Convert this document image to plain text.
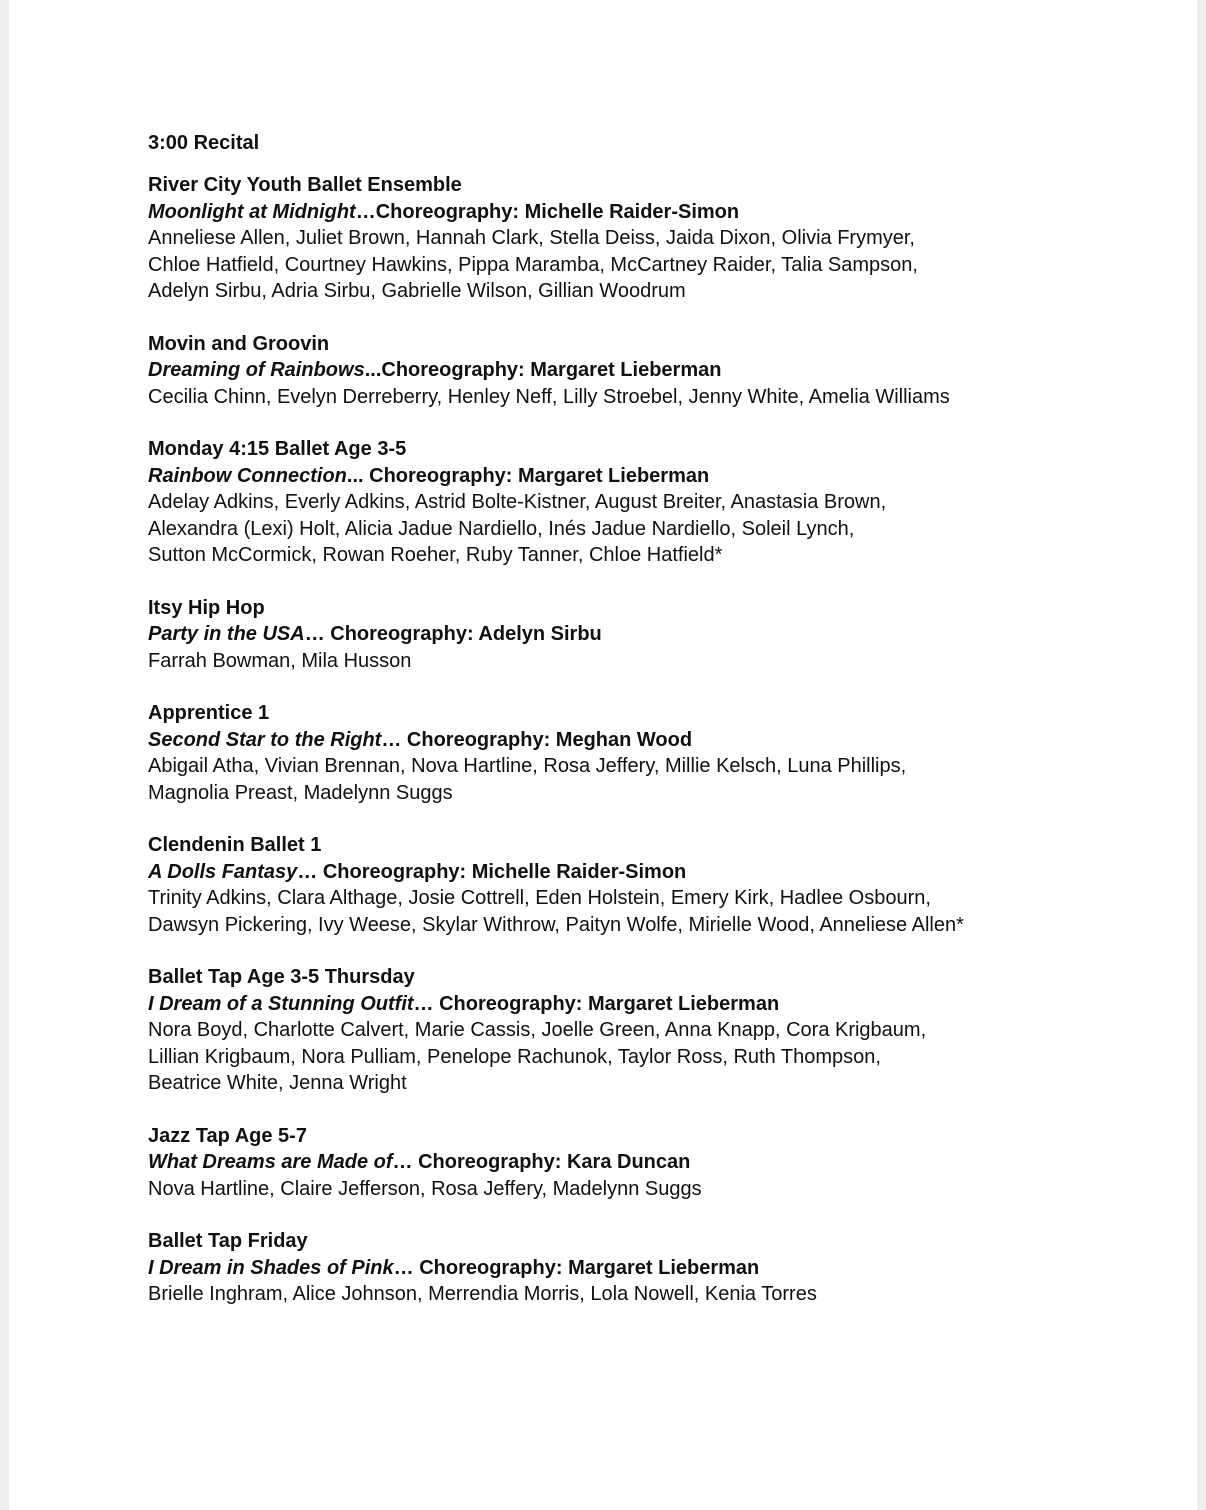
3:00 Recital
River City Youth Ballet Ensemble
Moonlight at Midnight…Choreography: Michelle Raider-Simon
Anneliese Allen, Juliet Brown, Hannah Clark, Stella Deiss, Jaida Dixon, Olivia Frymyer,
Chloe Hatfield, Courtney Hawkins, Pippa Maramba, McCartney Raider, Talia Sampson,
Adelyn Sirbu, Adria Sirbu, Gabrielle Wilson, Gillian Woodrum
Movin and Groovin
Dreaming of Rainbows...Choreography: Margaret Lieberman
Cecilia Chinn, Evelyn Derreberry, Henley Neff, Lilly Stroebel, Jenny White, Amelia Williams
Monday 4:15 Ballet Age 3-5
Rainbow Connection... Choreography: Margaret Lieberman
Adelay Adkins, Everly Adkins, Astrid Bolte-Kistner, August Breiter, Anastasia Brown,
Alexandra (Lexi) Holt, Alicia Jadue Nardiello, Inés Jadue Nardiello, Soleil Lynch,
Sutton McCormick, Rowan Roeher, Ruby Tanner, Chloe Hatfield*
Itsy Hip Hop
Party in the USA… Choreography: Adelyn Sirbu
Farrah Bowman, Mila Husson
Apprentice 1
Second Star to the Right… Choreography: Meghan Wood
Abigail Atha, Vivian Brennan, Nova Hartline, Rosa Jeffery, Millie Kelsch, Luna Phillips,
Magnolia Preast, Madelynn Suggs
Clendenin Ballet 1
A Dolls Fantasy… Choreography: Michelle Raider-Simon
Trinity Adkins, Clara Althage, Josie Cottrell, Eden Holstein, Emery Kirk, Hadlee Osbourn,
Dawsyn Pickering, Ivy Weese, Skylar Withrow, Paityn Wolfe, Mirielle Wood, Anneliese Allen*
Ballet Tap Age 3-5 Thursday
I Dream of a Stunning Outfit… Choreography: Margaret Lieberman
Nora Boyd, Charlotte Calvert, Marie Cassis, Joelle Green, Anna Knapp, Cora Krigbaum,
Lillian Krigbaum, Nora Pulliam, Penelope Rachunok, Taylor Ross, Ruth Thompson,
Beatrice White, Jenna Wright
Jazz Tap Age 5-7
What Dreams are Made of… Choreography: Kara Duncan
Nova Hartline, Claire Jefferson, Rosa Jeffery, Madelynn Suggs
Ballet Tap Friday
I Dream in Shades of Pink… Choreography: Margaret Lieberman
Brielle Inghram, Alice Johnson, Merrendia Morris, Lola Nowell, Kenia Torres
